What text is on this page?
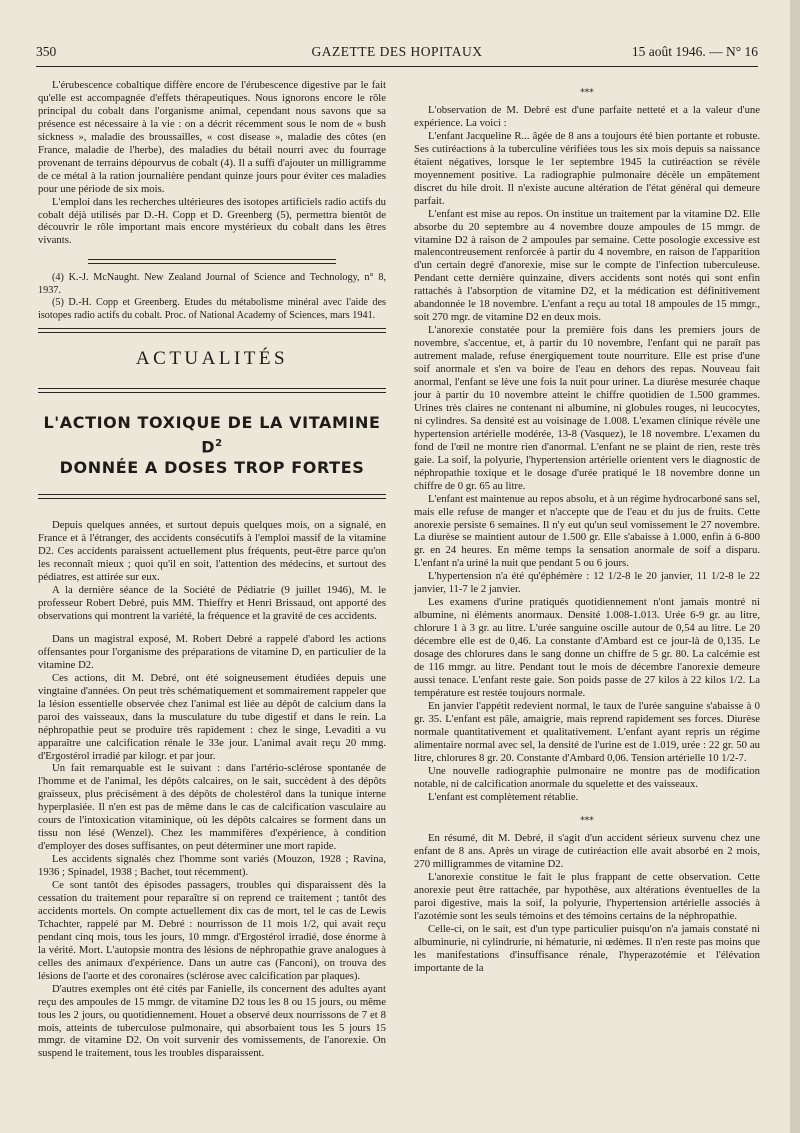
350	GAZETTE DES HOPITAUX	15 août 1946. — N° 16

L'érubescence cobaltique diffère encore de l'érubescence digestive par le fait qu'elle est accompagnée d'effets thérapeutiques. Nous ignorons encore le rôle principal du cobalt dans l'organisme animal, cependant nous savons que sa présence est nécessaire à la vie : on a décrit récemment sous le nom de « bush sickness », maladie des broussailles, « cost disease », maladie des côtes (en France, maladie de l'herbe), des maladies du bétail nourri avec du fourrage provenant de terrains dépourvus de cobalt (4). Il a suffi d'ajouter un milligramme de ce métal à la ration journalière pendant quinze jours pour éviter ces maladies pour une période de six mois.

L'emploi dans les recherches ultérieures des isotopes artificiels radio actifs du cobalt déjà utilisés par D.-H. Copp et D. Greenberg (5), permettra bientôt de découvrir le rôle important mais encore mystérieux du cobalt dans les êtres vivants.

(4) K.-J. McNaught. New Zealand Journal of Science and Technology, n° 8, 1937.

(5) D.-H. Copp et Greenberg. Etudes du métabolisme minéral avec l'aide des isotopes radio actifs du cobalt. Proc. of National Academy of Sciences, mars 1941.

ACTUALITÉS
L'ACTION TOXIQUE DE LA VITAMINE $D^2$
DONNÉE A DOSES TROP FORTES

Depuis quelques années, et surtout depuis quelques mois, on a signalé, en France et à l'étranger, des accidents consécutifs à l'emploi massif de la vitamine D2. Ces accidents paraissent actuellement plus fréquents, peut-être parce qu'on les reconnaît mieux ; quoi qu'il en soit, l'attention des médecins, et surtout des pédiatres, est attirée sur eux.

A la dernière séance de la Société de Pédiatrie (9 juillet 1946), M. le professeur Robert Debré, puis MM. Thieffry et Henri Brissaud, ont apporté des observations qui montrent la variété, la fréquence et la gravité de ces accidents.

Dans un magistral exposé, M. Robert Debré a rappelé d'abord les actions offensantes pour l'organisme des préparations de vitamine D, en particulier de la vitamine D2.

Ces actions, dit M. Debré, ont été soigneusement étudiées depuis une vingtaine d'années. On peut très schématiquement et sommairement rappeler que la lésion essentielle observée chez l'animal est liée au dépôt de calcium dans la paroi des vaisseaux, dans la musculature du tube digestif et dans le rein. La néphropathie peut se produire très rapidement : chez le singe, Levaditi a vu apparaître une calcification rénale le 33e jour. L'animal avait reçu 20 mmg. d'Ergostérol irradié par kilogr. et par jour.

Un fait remarquable est le suivant : dans l'artério-sclérose spontanée de l'homme et de l'animal, les dépôts calcaires, on le sait, succèdent à des dépôts graisseux, plus précisément à des dépôts de cholestérol dans la tunique interne hyperplasiée. Il n'en est pas de même dans le cas de calcification vasculaire au cours de l'intoxication vitaminique, où les dépôts calcaires se forment dans un tissu non lésé (Wenzel). Chez les mammifères d'expérience, à condition d'employer des doses suffisantes, on peut déterminer une mort rapide.

Les accidents signalés chez l'homme sont variés (Mouzon, 1928 ; Ravina, 1936 ; Spinadel, 1938 ; Bachet, tout récemment).

Ce sont tantôt des épisodes passagers, troubles qui disparaissent dès la cessation du traitement pour reparaître si on reprend ce traitement ; tantôt des accidents mortels. On compte actuellement dix cas de mort, tel le cas de Lewis Tchachter, rappelé par M. Debré : nourrisson de 11 mois 1/2, qui avait reçu pendant cinq mois, tous les jours, 10 mmgr. d'Ergostérol irradié, dose énorme à la vérité. Mort. L'autopsie montra des lésions de néphropathie grave analogues à celles des animaux d'expérience. Dans un autre cas (Fanconi), on trouva des lésions de l'aorte et des coronaires (sclérose avec calcification par plaques).

D'autres exemples ont été cités par Fanielle, ils concernent des adultes ayant reçu des ampoules de 15 mmgr. de vitamine D2 tous les 8 ou 15 jours, ou même tous les 2 jours, ou quotidiennement. Houet a observé deux nourrissons de 7 et 8 mois, atteints de tuberculose pulmonaire, qui absorbaient tous les 5 jours 15 mmgr. de vitamine D2. On voit survenir des vomissements, de l'anorexie. On suspend le traitement, tous les troubles disparaissent.

⁎⁎⁎

L'observation de M. Debré est d'une parfaite netteté et a la valeur d'une expérience. La voici :

L'enfant Jacqueline R... âgée de 8 ans a toujours été bien portante et robuste. Ses cutiréactions à la tuberculine vérifiées tous les six mois depuis sa naissance étaient négatives, lorsque le 1er septembre 1945 la cutiréaction se révèle moyennement positive. La radiographie pulmonaire décèle un empâtement discret du hile droit. Il n'existe aucune altération de l'état général qui demeure parfait.

L'enfant est mise au repos. On institue un traitement par la vitamine D2. Elle absorbe du 20 septembre au 4 novembre douze ampoules de 15 mmgr. de vitamine D2 à raison de 2 ampoules par semaine. Cette posologie excessive est malencontreusement renforcée à partir du 4 novembre, en raison de l'apparition d'un certain degré d'anorexie, mise sur le compte de l'infection tuberculeuse. Pendant cette dernière quinzaine, divers accidents sont notés qui sont enfin rattachés à l'absorption de vitamine D2, et la médication est définitivement abandonnée le 18 novembre. L'enfant a reçu au total 18 ampoules de 15 mmgr., soit 270 mgr. de vitamine D2 en deux mois.

L'anorexie constatée pour la première fois dans les premiers jours de novembre, s'accentue, et, à partir du 10 novembre, l'enfant qui ne paraît pas autrement malade, refuse énergiquement toute nourriture. Elle est prise d'une soif anormale et s'en va boire de l'eau en dehors des repas. Nouveau fait anormal, l'enfant se lève une fois la nuit pour uriner. La diurèse mesurée chaque jour à partir du 10 novembre atteint le chiffre quotidien de 1.500 grammes. Urines très claires ne contenant ni albumine, ni globules rouges, ni leucocytes, ni cylindres. Sa densité est au voisinage de 1.008. L'examen clinique révèle une hypertension artérielle modérée, 13-8 (Vasquez), le 18 novembre. L'examen du fond de l'œil ne montre rien d'anormal. L'enfant ne se plaint de rien, reste très gaie. La soif, la polyurie, l'hypertension artérielle orientent vers le diagnostic de néphropathie toxique et le dosage d'urée pratiqué le 18 novembre donne un chiffre de 0 gr. 65 au litre.

L'enfant est maintenue au repos absolu, et à un régime hydrocarboné sans sel, mais elle refuse de manger et n'accepte que de l'eau et du jus de fruits. Cette anorexie persiste 6 semaines. Il n'y eut qu'un seul vomissement le 27 novembre. La diurèse se maintient autour de 1.500 gr. Elle s'abaisse à 1.000, enfin à 6-800 gr. en 24 heures. En même temps la sensation anormale de soif a disparu. L'enfant n'a uriné la nuit que pendant 5 ou 6 jours.

L'hypertension n'a été qu'éphémère : 12 1/2-8 le 20 janvier, 11 1/2-8 le 22 janvier, 11-7 le 2 janvier.

Les examens d'urine pratiqués quotidiennement n'ont jamais montré ni albumine, ni éléments anormaux. Densité 1.008-1.013. Urée 6-9 gr. au litre, chlorure 1 à 3 gr. au litre. L'urée sanguine oscille autour de 0,54 au litre. Le 20 décembre elle est de 0,46. La constante d'Ambard est ce jour-là de 0,135. Le dosage des chlorures dans le sang donne un chiffre de 5 gr. 80. La calcémie est de 116 mmgr. au litre. Pendant tout le mois de décembre l'anorexie demeure aussi tenace. L'enfant reste gaie. Son poids passe de 27 kilos à 22 kilos 1/2. La température est restée toujours normale.

En janvier l'appétit redevient normal, le taux de l'urée sanguine s'abaisse à 0 gr. 35. L'enfant est pâle, amaigrie, mais reprend rapidement ses forces. Diurèse normale quantitativement et qualitativement. L'enfant ayant repris un régime alimentaire normal avec sel, la densité de l'urine est de 1.019, urée : 22 gr. 50 au litre, chlorures 8 gr. 20. Constante d'Ambard 0,06. Tension artérielle 10 1/2-7.

Une nouvelle radiographie pulmonaire ne montre pas de modification notable, ni de calcification anormale du squelette et des vaisseaux.

L'enfant est complètement rétablie.

⁎⁎⁎

En résumé, dit M. Debré, il s'agit d'un accident sérieux survenu chez une enfant de 8 ans. Après un virage de cutiréaction elle avait absorbé en 2 mois, 270 milligrammes de vitamine D2.

L'anorexie constitue le fait le plus frappant de cette observation. Cette anorexie peut être rattachée, par hypothèse, aux altérations éventuelles de la paroi digestive, mais la soif, la polyurie, l'hypertension artérielle associés à l'azotémie sont les seuls témoins et des témoins certains de la néphropathie.

Celle-ci, on le sait, est d'un type particulier puisqu'on n'a jamais constaté ni albuminurie, ni cylindrurie, ni hématurie, ni œdèmes. Il n'en reste pas moins que les manifestations d'insuffisance rénale, l'hyperazotémie et l'élévation importante de la
